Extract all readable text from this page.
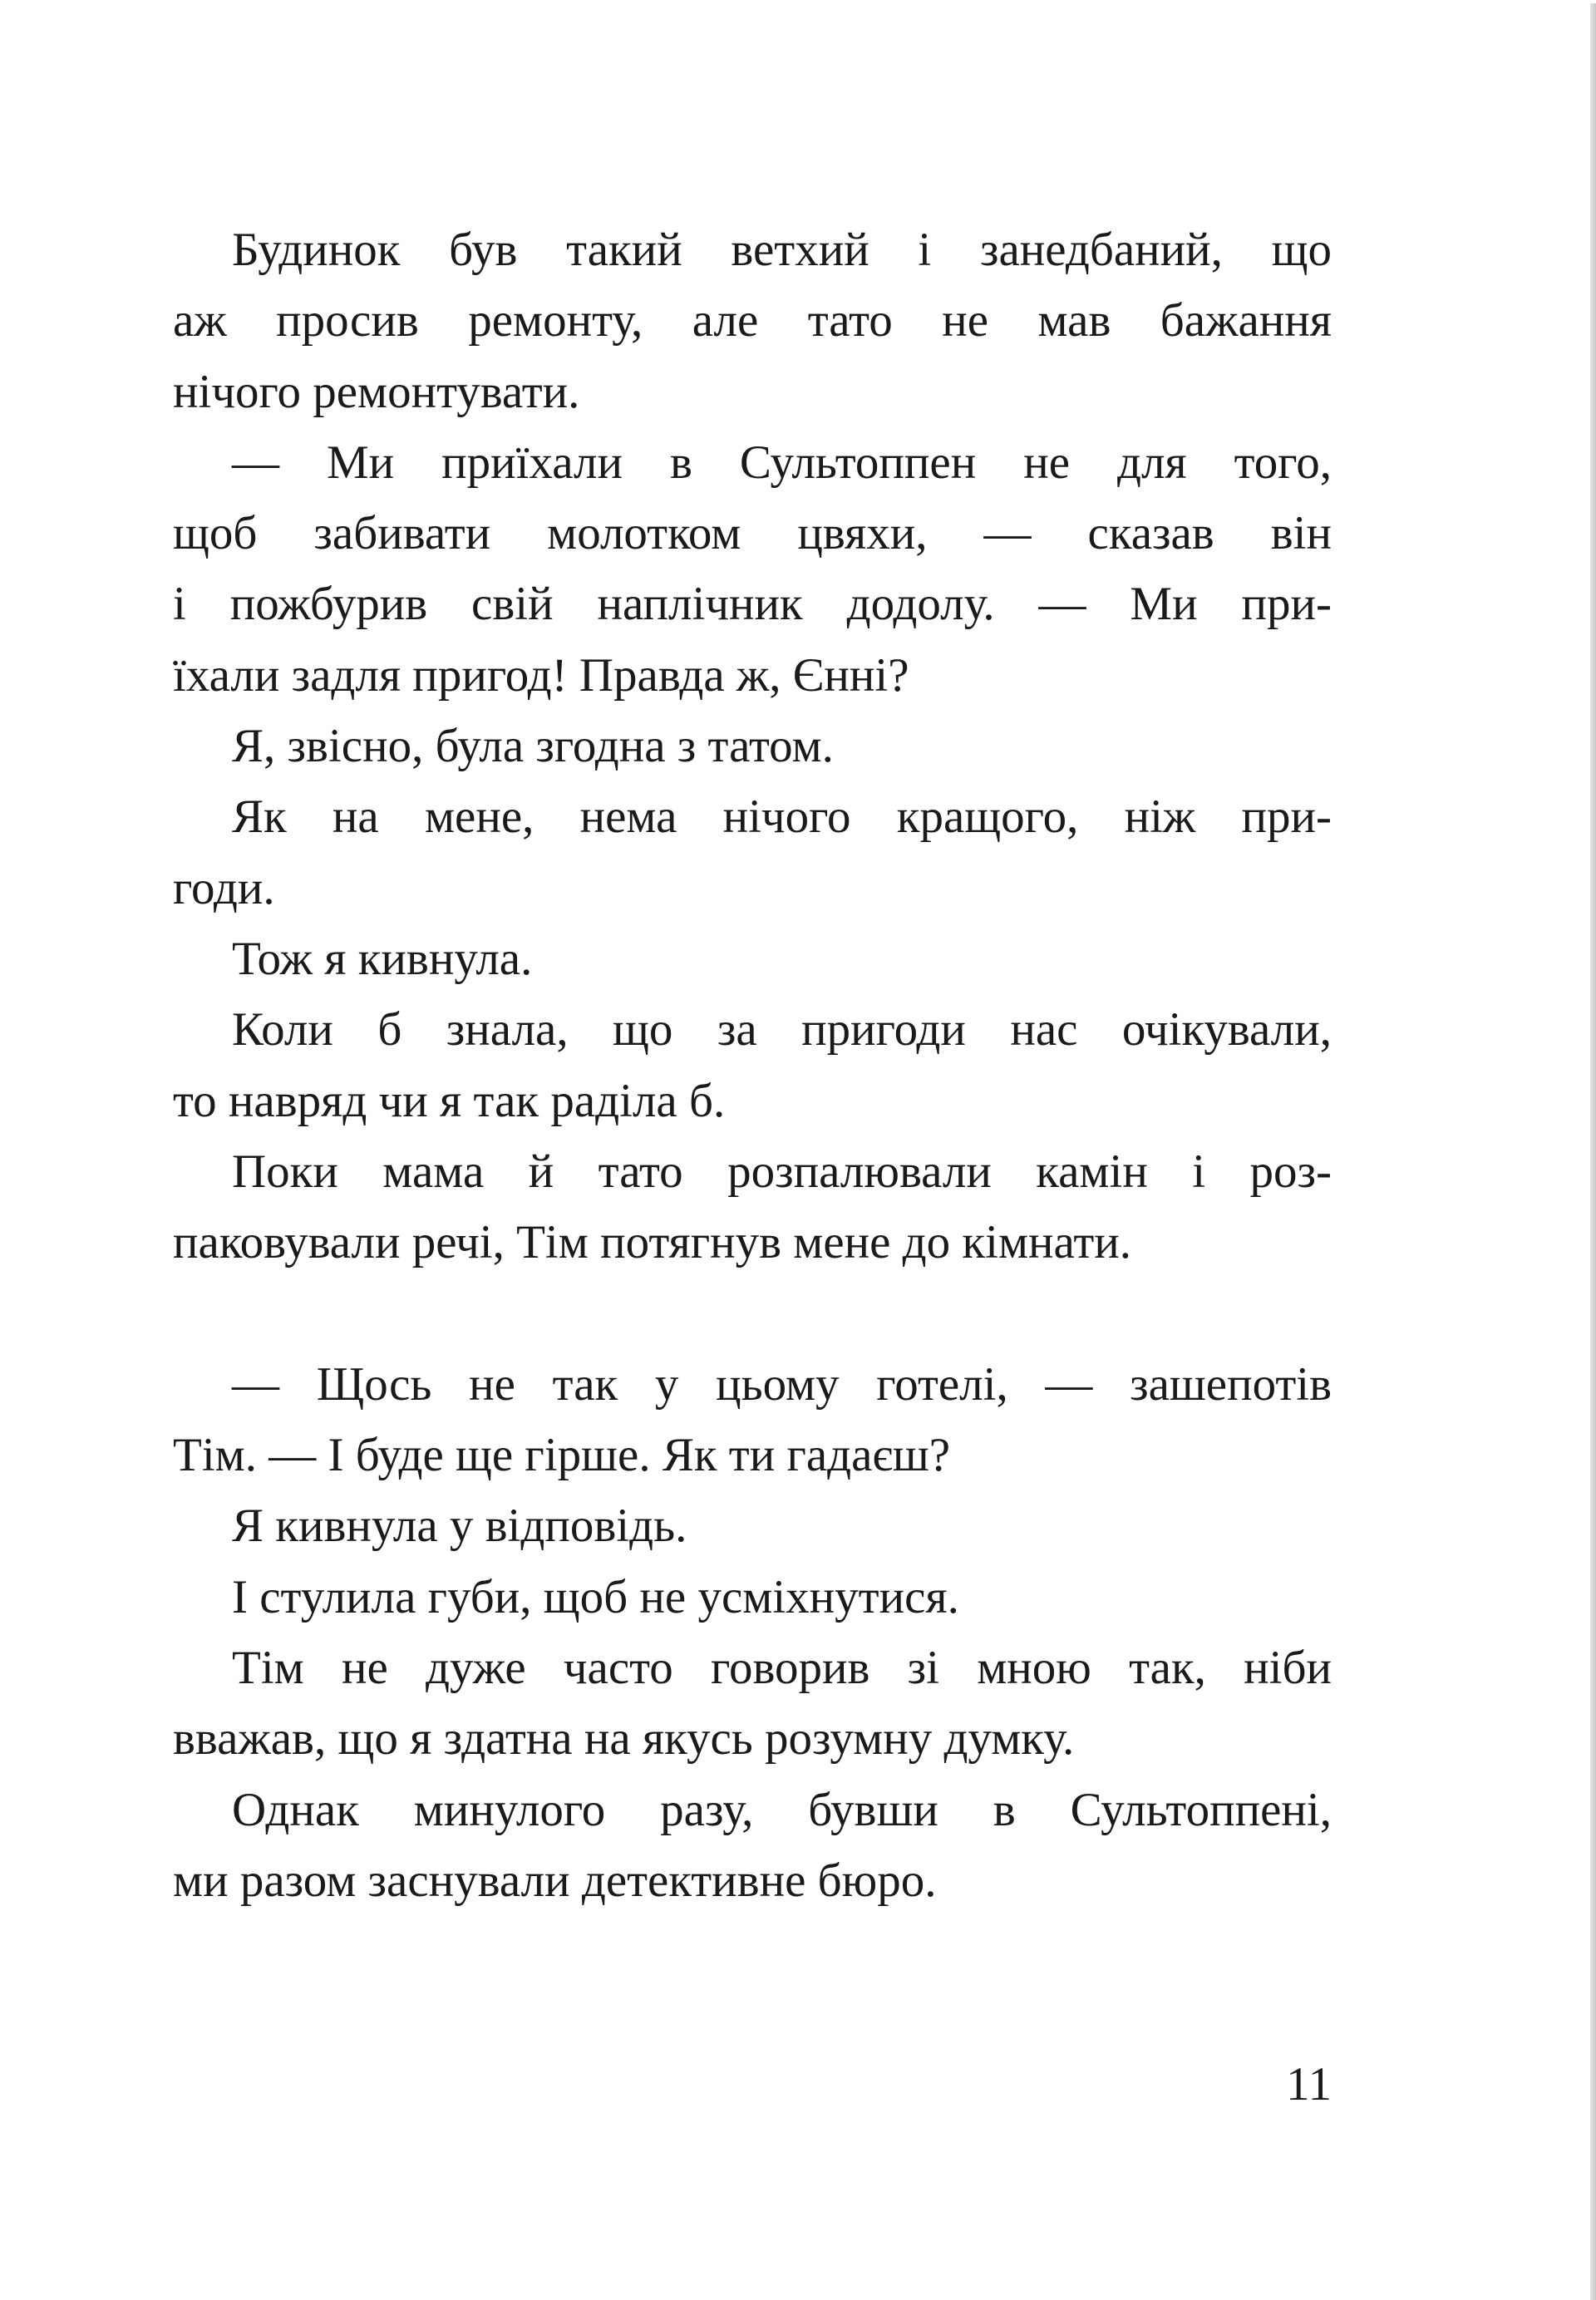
Будинок був такий ветхий і занедбаний, що
аж просив ремонту, але тато не мав бажання
нічого ремонтувати.
— Ми приїхали в Сультоппен не для того,
щоб забивати молотком цвяхи, — сказав він
і пожбурив свій наплічник додолу. — Ми при-
їхали задля пригод! Правда ж, Єнні?
Я, звісно, була згодна з татом.
Як на мене, нема нічого кращого, ніж при-
годи.
Тож я кивнула.
Коли б знала, що за пригоди нас очікували,
то навряд чи я так раділа б.
Поки мама й тато розпалювали камін і роз-
паковували речі, Тім потягнув мене до кімнати.
— Щось не так у цьому готелі, — зашепотів
Тім. — І буде ще гірше. Як ти гадаєш?
Я кивнула у відповідь.
І стулила губи, щоб не усміхнутися.
Тім не дуже часто говорив зі мною так, ніби
вважав, що я здатна на якусь розумну думку.
Однак минулого разу, бувши в Сультоппені,
ми разом заснували детективне бюро.
11
